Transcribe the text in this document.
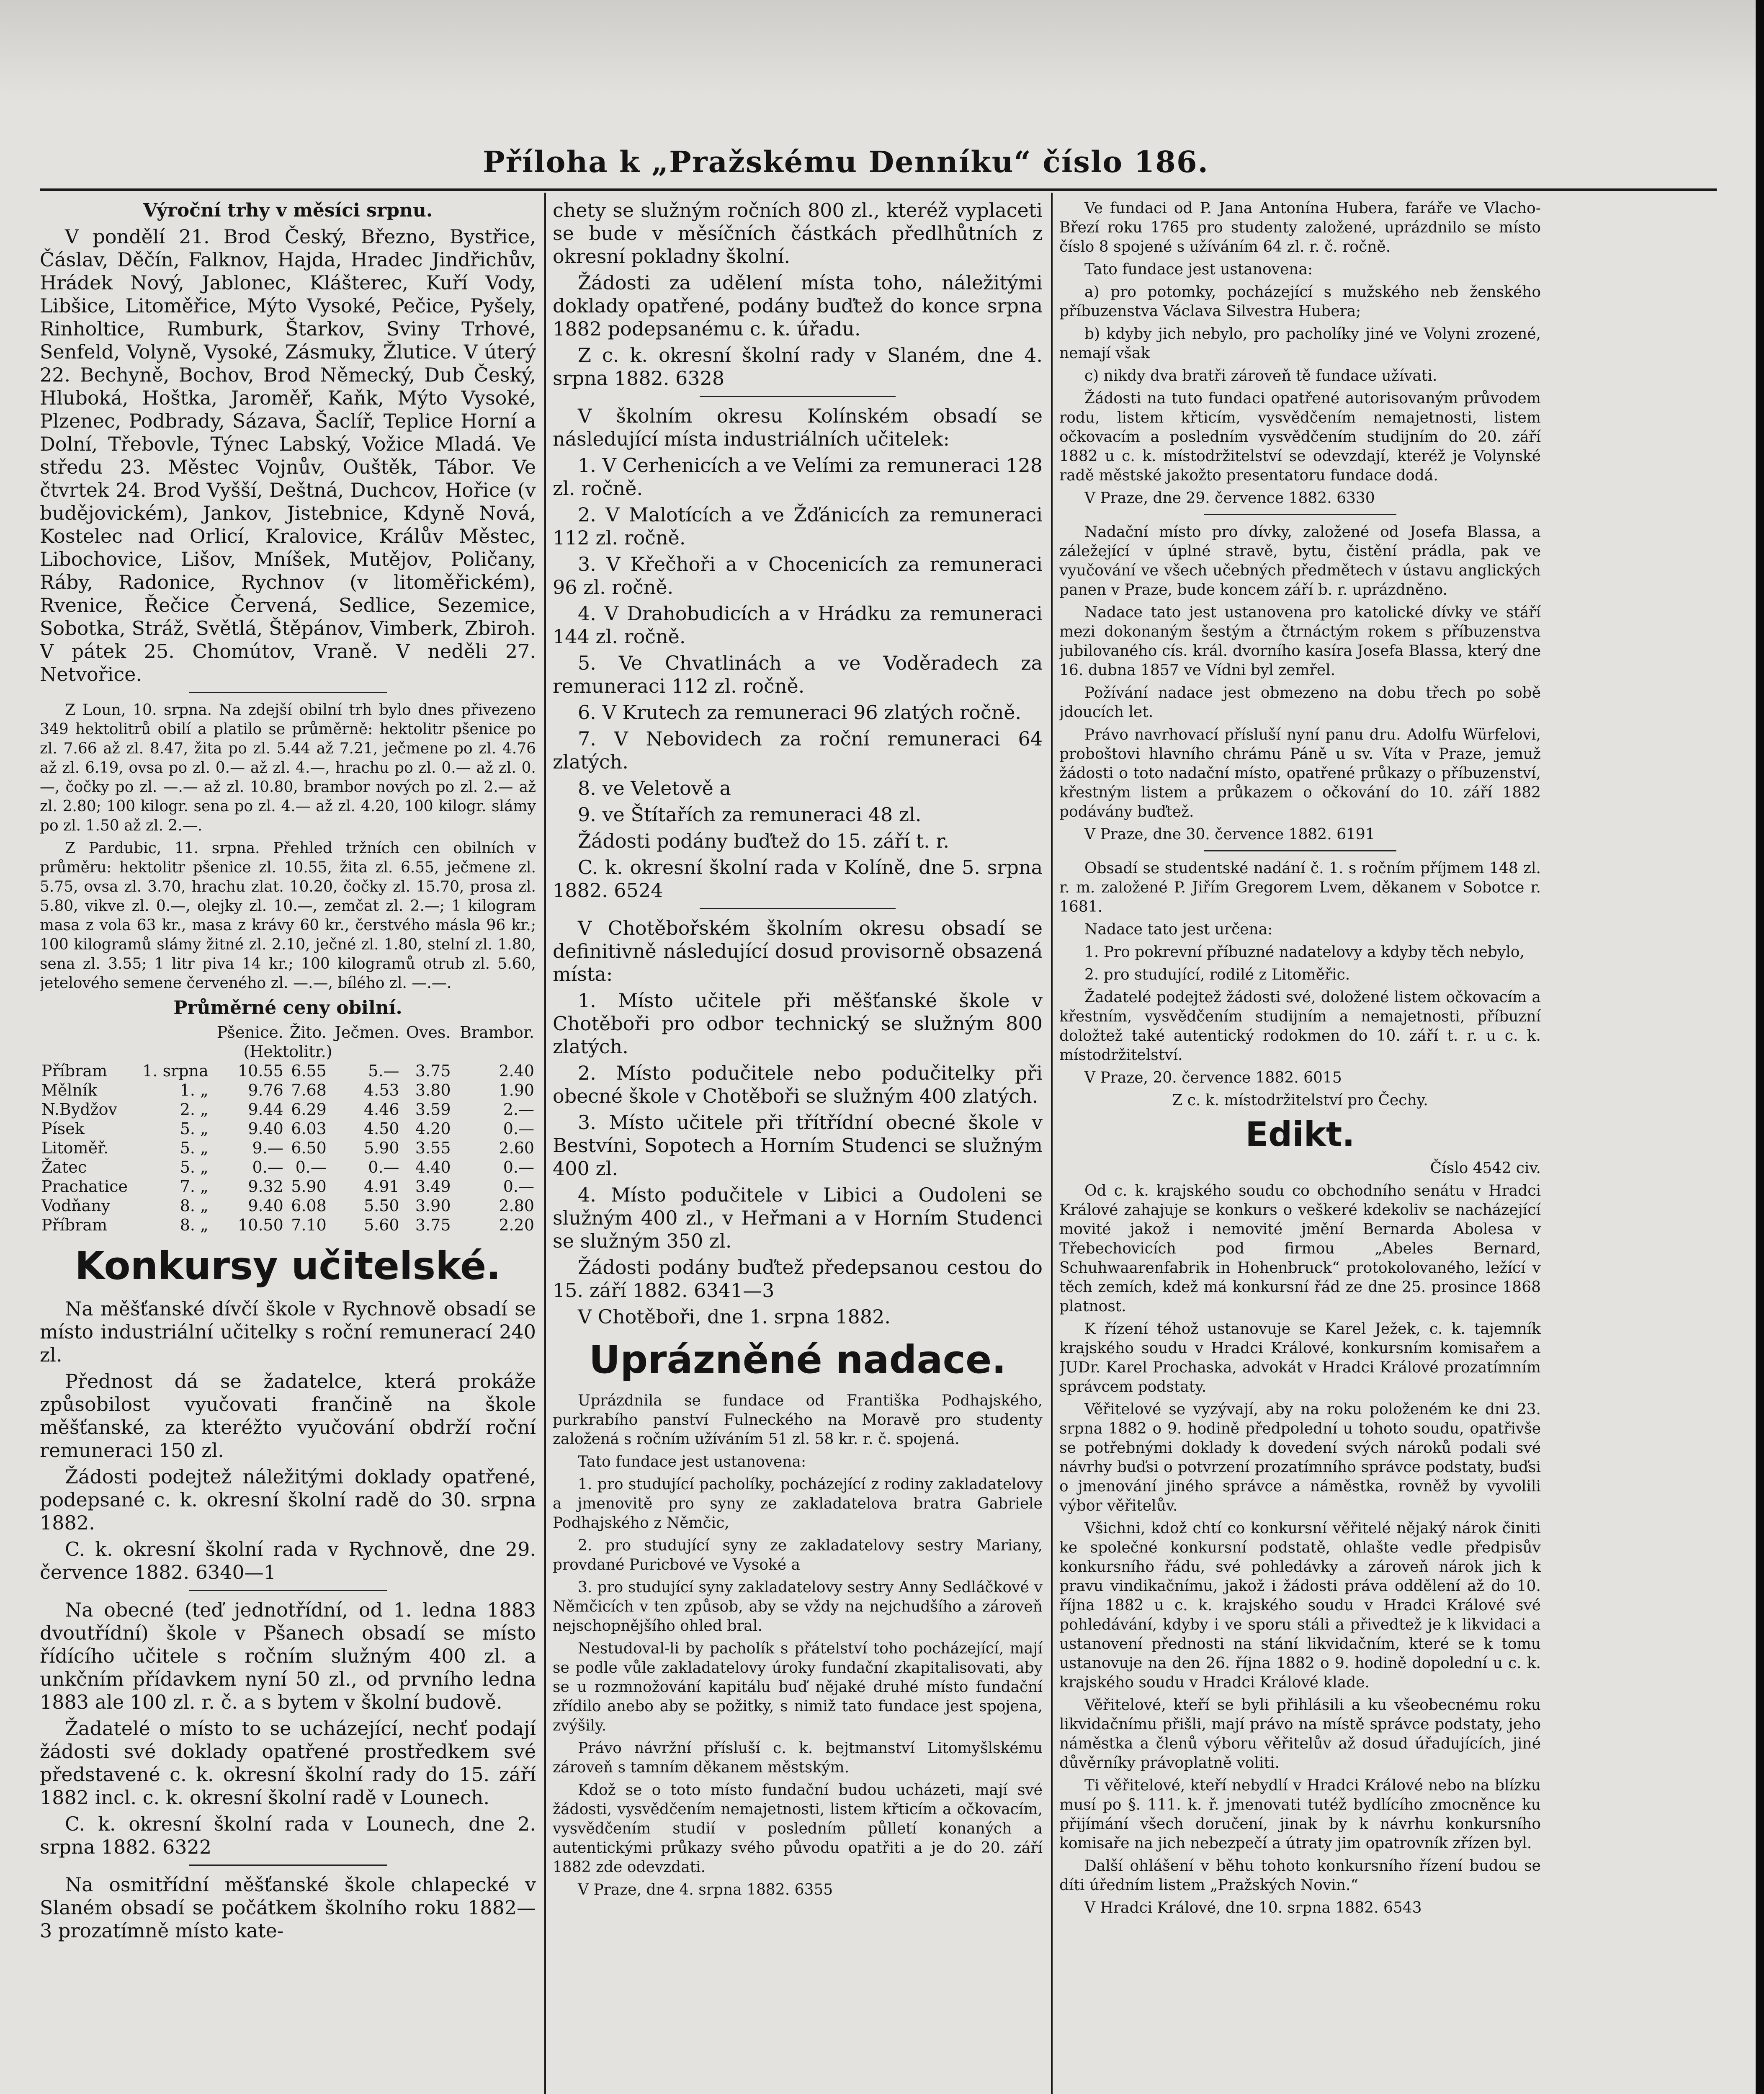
Příloha k „Pražskému Denníku“ číslo 186.
Výroční trhy v měsíci srpnu.

V pondělí 21. Brod Český, Březno, Bystřice, Čáslav, Děčín, Falknov, Hajda, Hradec Jindřichův, Hrádek Nový, Jablonec, Klášterec, Kuří Vody, Libšice, Litoměřice, Mýto Vysoké, Pečice, Pyšely, Rinholtice, Rumburk, Štarkov, Sviny Trhové, Senfeld, Volyně, Vysoké, Zásmuky, Žlutice. V úterý 22. Bechyně, Bochov, Brod Německý, Dub Český, Hluboká, Hoštka, Jaroměř, Kaňk, Mýto Vysoké, Plzenec, Podbrady, Sázava, Šaclíř, Teplice Horní a Dolní, Třebovle, Týnec Labský, Vožice Mladá. Ve středu 23. Městec Vojnův, Ouštěk, Tábor. Ve čtvrtek 24. Brod Vyšší, Deštná, Duchcov, Hořice (v budějovickém), Jankov, Jistebnice, Kdyně Nová, Kostelec nad Orlicí, Kralovice, Králův Městec, Libochovice, Lišov, Mníšek, Mutějov, Poličany, Ráby, Radonice, Rychnov (v litoměřickém), Rvenice, Řečice Červená, Sedlice, Sezemice, Sobotka, Stráž, Světlá, Štěpánov, Vimberk, Zbiroh. V pátek 25. Chomútov, Vraně. V neděli 27. Netvořice.

Z Loun, 10. srpna. Na zdejší obilní trh bylo dnes přivezeno 349 hektolitrů obilí a platilo se průměrně: hektolitr pšenice po zl. 7.66 až zl. 8.47, žita po zl. 5.44 až 7.21, ječmene po zl. 4.76 až zl. 6.19, ovsa po zl. 0.— až zl. 4.—, hrachu po zl. 0.— až zl. 0.—, čočky po zl. —.— až zl. 10.80, brambor nových po zl. 2.— až zl. 2.80; 100 kilogr. sena po zl. 4.— až zl. 4.20, 100 kilogr. slámy po zl. 1.50 až zl. 2.—.

Z Pardubic, 11. srpna. Přehled tržních cen obilních v průměru: hektolitr pšenice zl. 10.55, žita zl. 6.55, ječmene zl. 5.75, ovsa zl. 3.70, hrachu zlat. 10.20, čočky zl. 15.70, prosa zl. 5.80, vikve zl. 0.—, olejky zl. 10.—, zemčat zl. 2.—; 1 kilogram masa z volа 63 kr., masa z krávy 60 kr., čerstvého másla 96 kr.; 100 kilogramů slámy žitné zl. 2.10, ječné zl. 1.80, stelní zl. 1.80, sena zl. 3.55; 1 litr piva 14 kr.; 100 kilogramů otrub zl. 5.60, jetelového semene červeného zl. —.—, bílého zl. —.—.

Průměrné ceny obilní.
		Pšenice.	Žito.	Ječmen.	Oves.	Brambor.
(Hektolitr.)						
Příbram	1. srpna	10.55	6.55	5.—	3.75	2.40
Mělník	1. „	9.76	7.68	4.53	3.80	1.90
N.Bydžov	2. „	9.44	6.29	4.46	3.59	2.—
Písek	5. „	9.40	6.03	4.50	4.20	0.—
Litoměř.	5. „	9.—	6.50	5.90	3.55	2.60
Žatec	5. „	0.—	0.—	0.—	4.40	0.—
Prachatice	7. „	9.32	5.90	4.91	3.49	0.—
Vodňany	8. „	9.40	6.08	5.50	3.90	2.80
Příbram	8. „	10.50	7.10	5.60	3.75	2.20
Konkursy učitelské.

Na měšťanské dívčí škole v Rychnově obsadí se místo industriální učitelky s roční remunerací 240 zl.

Přednost dá se žadatelce, která prokáže způsobilost vyučovati frančině na škole měšťanské, za kteréžto vyučování obdrží roční remuneraci 150 zl.

Žádosti podejtež náležitými doklady opatřené, podepsané c. k. okresní školní radě do 30. srpna 1882.

C. k. okresní školní rada v Rychnově, dne 29. července 1882. 6340—1

Na obecné (teď jednotřídní, od 1. ledna 1883 dvoutřídní) škole v Pšanech obsadí se místo řídícího učitele s ročním služným 400 zl. a unkčním přídavkem nyní 50 zl., od prvního ledna 1883 ale 100 zl. r. č. a s bytem v školní budově.

Žadatelé o místo to se ucházející, nechť podají žádosti své doklady opatřené prostředkem své představené c. k. okresní školní rady do 15. září 1882 incl. c. k. okresní školní radě v Lounech.

C. k. okresní školní rada v Lounech, dne 2. srpna 1882. 6322

Na osmitřídní měšťanské škole chlapecké v Slaném obsadí se počátkem školního roku 1882—3 prozatímně místo kate-

chety se služným ročních 800 zl., kteréž vyplaceti se bude v měsíčních částkách předlhůtních z okresní pokladny školní.

Žádosti za udělení místa toho, náležitými doklady opatřené, podány buďtež do konce srpna 1882 podepsanému c. k. úřadu.

Z c. k. okresní školní rady v Slaném, dne 4. srpna 1882. 6328

V školním okresu Kolínském obsadí se následující místa industriálních učitelek:

1. V Cerhenicích a ve Velími za remuneraci 128 zl. ročně.

2. V Malotících a ve Žďánicích za remuneraci 112 zl. ročně.

3. V Křečhoři a v Chocenicích za remuneraci 96 zl. ročně.

4. V Drahobudicích a v Hrádku za remuneraci 144 zl. ročně.

5. Ve Chvatlinách a ve Voděradech za remuneraci 112 zl. ročně.

6. V Krutech za remuneraci 96 zlatých ročně.

7. V Nebovidech za roční remuneraci 64 zlatých.

8. ve Veletově a

9. ve Štítařích za remuneraci 48 zl.

Žádosti podány buďtež do 15. září t. r.

C. k. okresní školní rada v Kolíně, dne 5. srpna 1882. 6524

V Chotěbořském školním okresu obsadí se definitivně následující dosud provisorně obsazená místa:

1. Místo učitele při měšťanské škole v Chotěboři pro odbor technický se služným 800 zlatých.

2. Místo podučitele nebo podučitelky při obecné škole v Chotěboři se služným 400 zlatých.

3. Místo učitele při třítřídní obecné škole v Bestvíni, Sopotech a Horním Studenci se služným 400 zl.

4. Místo podučitele v Libici a Oudoleni se služným 400 zl., v Heřmani a v Horním Studenci se služným 350 zl.

Žádosti podány buďtež předepsanou cestou do 15. září 1882. 6341—3

V Chotěboři, dne 1. srpna 1882.

Uprázněné nadace.

Uprázdnila se fundace od Františka Podhajského, purkrabího panství Fulneckého na Moravě pro studenty založená s ročním užíváním 51 zl. 58 kr. r. č. spojená.

Tato fundace jest ustanovena:

1. pro studující pacholíky, pocházející z rodiny zakladatelovy a jmenovitě pro syny ze zakladatelova bratra Gabriele Podhajského z Němčic,

2. pro studující syny ze zakladatelovy sestry Mariany, provdané Puricbové ve Vysoké a

3. pro studující syny zakladatelovy sestry Anny Sedláčkové v Němčicích v ten způsob, aby se vždy na nejchudšího a zároveň nejschopnějšího ohled bral.

Nestudoval-li by pacholík s přátelství toho pocházející, mají se podle vůle zakladatelovy úroky fundační zkapitalisovati, aby se u rozmnožování kapitálu buď nějaké druhé místo fundační zřídilo anebo aby se požitky, s nimiž tato fundace jest spojena, zvýšily.

Právo návržní přísluší c. k. bejtmanství Litomyšlskému zároveň s tamním děkanem městským.

Kdož se o toto místo fundační budou ucházeti, mají své žádosti, vysvědčením nemajetnosti, listem křticím a očkovacím, vysvědčením studií v posledním půlletí konaných a autentickými průkazy svého původu opatřiti a je do 20. září 1882 zde odevzdati.

V Praze, dne 4. srpna 1882. 6355

Ve fundaci od P. Jana Antonína Hubera, faráře ve Vlacho-Březí roku 1765 pro studenty založené, uprázdnilo se místo číslo 8 spojené s užíváním 64 zl. r. č. ročně.

Tato fundace jest ustanovena:

a) pro potomky, pocházející s mužského neb ženského příbuzenstva Václava Silvestra Hubera;

b) kdyby jich nebylo, pro pacholíky jiné ve Volyni zrozené, nemají však

c) nikdy dva bratři zároveň tě fundace užívati.

Žádosti na tuto fundaci opatřené autorisovaným průvodem rodu, listem křticím, vysvědčením nemajetnosti, listem očkovacím a posledním vysvědčením studijním do 20. září 1882 u c. k. místodržitelství se odevzdají, kteréž je Volynské radě městské jakožto presentatoru fundace dodá.

V Praze, dne 29. července 1882. 6330

Nadační místo pro dívky, založené od Josefa Blassa, a záležející v úplné stravě, bytu, čistění prádla, pak ve vyučování ve všech učebných předmětech v ústavu anglických panen v Praze, bude koncem září b. r. uprázdněno.

Nadace tato jest ustanovena pro katolické dívky ve stáří mezi dokonaným šestým a čtrnáctým rokem s příbuzenstva jubilovaného cís. král. dvorního kasíra Josefa Blassa, který dne 16. dubna 1857 ve Vídni byl zemřel.

Požívání nadace jest obmezeno na dobu třech po sobě jdoucích let.

Právo navrhovací přísluší nyní panu dru. Adolfu Würfelovi, proboštovi hlavního chrámu Páně u sv. Víta v Praze, jemuž žádosti o toto nadační místo, opatřené průkazy o příbuzenství, křestným listem a průkazem o očkování do 10. září 1882 podávány buďtež.

V Praze, dne 30. července 1882. 6191

Obsadí se studentské nadání č. 1. s ročním příjmem 148 zl. r. m. založené P. Jiřím Gregorem Lvem, děkanem v Sobotce r. 1681.

Nadace tato jest určena:

1. Pro pokrevní příbuzné nadatelovy a kdyby těch nebylo,

2. pro studující, rodilé z Litoměřic.

Žadatelé podejtež žádosti své, doložené listem očkovacím a křestním, vysvědčením studijním a nemajetnosti, příbuzní doložtež také autentický rodokmen do 10. září t. r. u c. k. místodržitelství.

V Praze, 20. července 1882. 6015

Z c. k. místodržitelství pro Čechy.

Edikt.

Číslo 4542 civ.

Od c. k. krajského soudu co obchodního senátu v Hradci Králové zahajuje se konkurs o veškeré kdekoliv se nacházející movité jakož i nemovité jmění Bernarda Abolesa v Třebechovicích pod firmou „Abeles Bernard, Schuhwaarenfabrik in Hohenbruck“ protokolovaného, ležící v těch zemích, kdež má konkursní řád ze dne 25. prosince 1868 platnost.

K řízení téhož ustanovuje se Karel Ježek, c. k. tajemník krajského soudu v Hradci Králové, konkursním komisařem a JUDr. Karel Prochaska, advokát v Hradci Králové prozatímním správcem podstaty.

Věřitelové se vyzývají, aby na roku položeném ke dni 23. srpna 1882 o 9. hodině předpolední u tohoto soudu, opatřivše se potřebnými doklady k dovedení svých nároků podali své návrhy buďsi o potvrzení prozatímního správce podstaty, buďsi o jmenování jiného správce a náměstka, rovněž by vyvolili výbor věřitelův.

Všichni, kdož chtí co konkursní věřitelé nějaký nárok činiti ke společné konkursní podstatě, ohlašte vedle předpisův konkursního řádu, své pohledávky a zároveň nárok jich k pravu vindikačnímu, jakož i žádosti práva oddělení až do 10. října 1882 u c. k. krajského soudu v Hradci Králové své pohledávání, kdyby i ve sporu stáli a přivedtež je k likvidaci a ustanovení přednosti na stání likvidačním, které se k tomu ustanovuje na den 26. října 1882 o 9. hodině dopolední u c. k. krajského soudu v Hradci Králové klade.

Věřitelové, kteří se byli přihlásili a ku všeobecnému roku likvidačnímu přišli, mají právo na místě správce podstaty, jeho náměstka a členů výboru věřitelův až dosud úřadujících, jiné důvěrníky právoplatně voliti.

Ti věřitelové, kteří nebydlí v Hradci Králové nebo na blízku musí po §. 111. k. ř. jmenovati tutéž bydlícího zmocněnce ku přijímání všech doručení, jinak by k návrhu konkursního komisaře na jich nebezpečí a útraty jim opatrovník zřízen byl.

Další ohlášení v běhu tohoto konkursního řízení budou se díti úředním listem „Pražských Novin.“

V Hradci Králové, dne 10. srpna 1882. 6543
